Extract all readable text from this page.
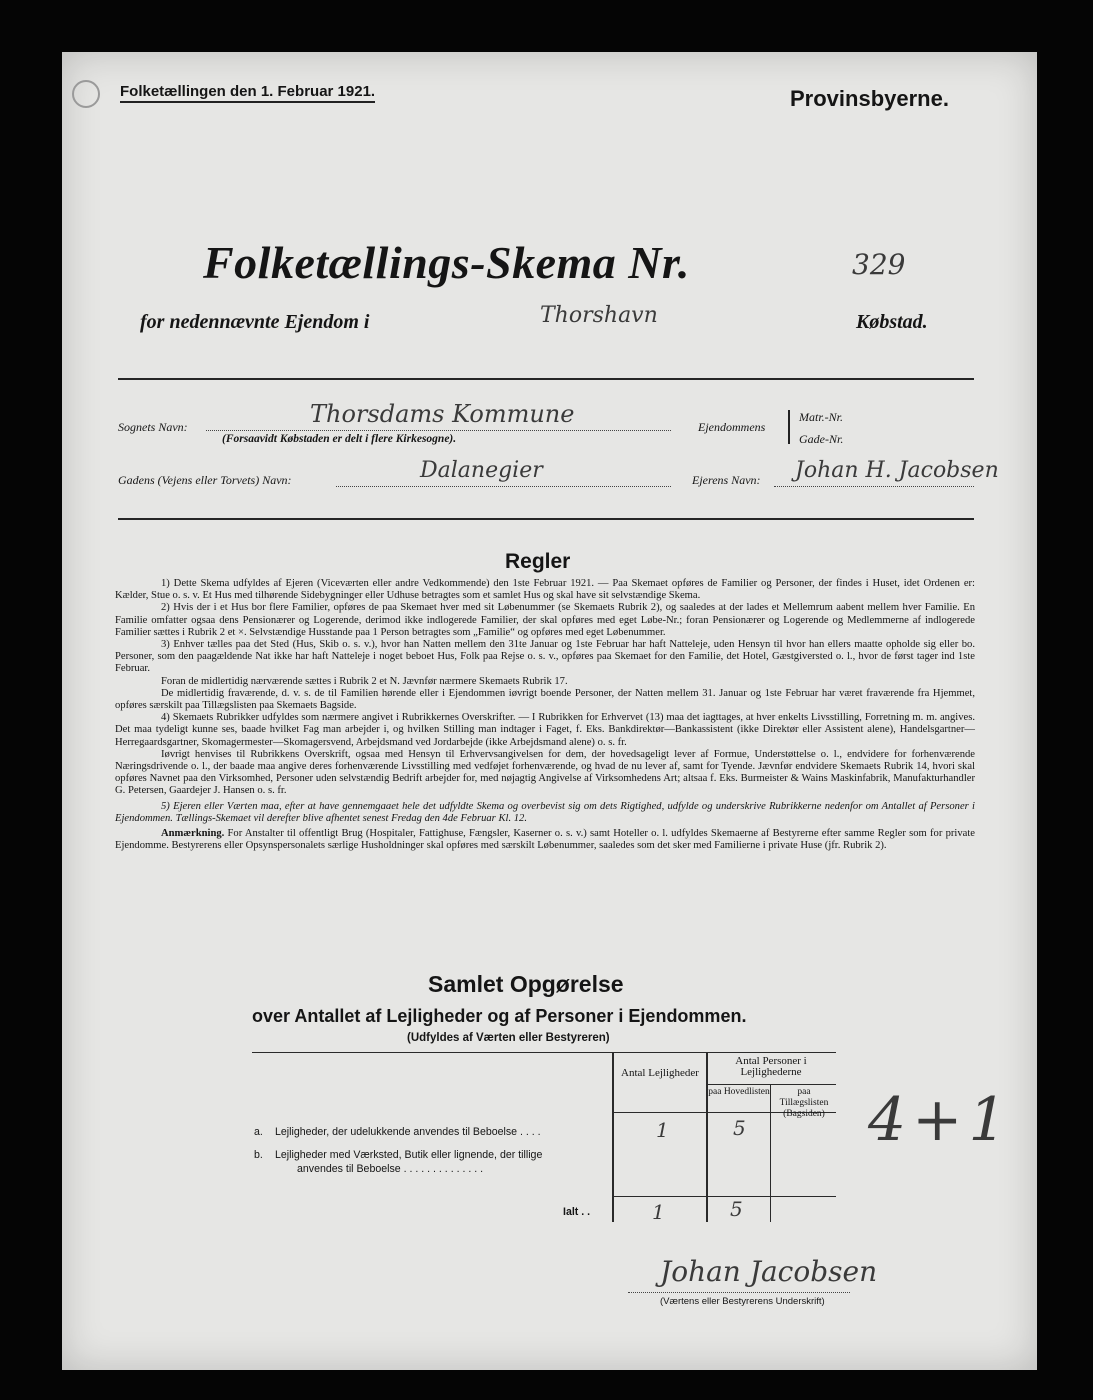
Folketællingen den 1. Februar 1921.	Provinsbyerne.
Folketællings-Skema Nr.	329
for nedennævnte Ejendom i	Thorshavn	Købstad.
Sognets Navn:	Thorsdams Kommune
(Forsaavidt Købstaden er delt i flere Kirkesogne).
Ejendommens
Matr.-Nr.
Gade-Nr.
Gadens (Vejens eller Torvets) Navn:	Dalanegier	Ejerens Navn: Johan H. Jacobsen
Regler

1) Dette Skema udfyldes af Ejeren (Viceværten eller andre Vedkommende) den 1ste Februar 1921. — Paa Skemaet opføres de Familier og Personer, der findes i Huset, idet Ordenen er: Kælder, Stue o. s. v. Et Hus med tilhørende Sidebygninger eller Udhuse betragtes som et samlet Hus og skal have sit selvstændige Skema.

2) Hvis der i et Hus bor flere Familier, opføres de paa Skemaet hver med sit Løbenummer (se Skemaets Rubrik 2), og saaledes at der lades et Mellemrum aabent mellem hver Familie. En Familie omfatter ogsaa dens Pensionærer og Logerende, derimod ikke indlogerede Familier, der skal opføres med eget Løbe-Nr.; foran Pensionærer og Logerende og Medlemmerne af indlogerede Familier sættes i Rubrik 2 et ×. Selvstændige Husstande paa 1 Person betragtes som „Familie“ og opføres med eget Løbenummer.

3) Enhver tælles paa det Sted (Hus, Skib o. s. v.), hvor han Natten mellem den 31te Januar og 1ste Februar har haft Natteleje, uden Hensyn til hvor han ellers maatte opholde sig eller bo. Personer, som den paagældende Nat ikke har haft Natteleje i noget beboet Hus, Folk paa Rejse o. s. v., opføres paa Skemaet for den Familie, det Hotel, Gæstgiversted o. l., hvor de først tager ind 1ste Februar.

Foran de midlertidig nærværende sættes i Rubrik 2 et N. Jævnfør nærmere Skemaets Rubrik 17.

De midlertidig fraværende, d. v. s. de til Familien hørende eller i Ejendommen iøvrigt boende Personer, der Natten mellem 31. Januar og 1ste Februar har været fraværende fra Hjemmet, opføres særskilt paa Tillægslisten paa Skemaets Bagside.

4) Skemaets Rubrikker udfyldes som nærmere angivet i Rubrikkernes Overskrifter. — I Rubrikken for Erhvervet (13) maa det iagttages, at hver enkelts Livsstilling, Forretning m. m. angives. Det maa tydeligt kunne ses, baade hvilket Fag man arbejder i, og hvilken Stilling man indtager i Faget, f. Eks. Bankdirektør—Bankassistent (ikke Direktør eller Assistent alene), Handelsgartner—Herregaardsgartner, Skomagermester—Skomagersvend, Arbejdsmand ved Jordarbejde (ikke Arbejdsmand alene) o. s. fr.

Iøvrigt henvises til Rubrikkens Overskrift, ogsaa med Hensyn til Erhvervsangivelsen for dem, der hovedsageligt lever af Formue, Understøttelse o. l., endvidere for forhenværende Næringsdrivende o. l., der baade maa angive deres forhenværende Livsstilling med vedføjet forhenværende, og hvad de nu lever af, samt for Tyende. Jævnfør endvidere Skemaets Rubrik 14, hvori skal opføres Navnet paa den Virksomhed, Personer uden selvstændig Bedrift arbejder for, med nøjagtig Angivelse af Virksomhedens Art; altsaa f. Eks. Burmeister & Wains Maskinfabrik, Manufakturhandler G. Petersen, Gaardejer J. Hansen o. s. fr.

5) Ejeren eller Værten maa, efter at have gennemgaaet hele det udfyldte Skema og overbevist sig om dets Rigtighed, udfylde og underskrive Rubrikkerne nedenfor om Antallet af Personer i Ejendommen. Tællings-Skemaet vil derefter blive afhentet senest Fredag den 4de Februar Kl. 12.

Anmærkning. For Anstalter til offentligt Brug (Hospitaler, Fattighuse, Fængsler, Kaserner o. s. v.) samt Hoteller o. l. udfyldes Skemaerne af Bestyrerne efter samme Regler som for private Ejendomme. Bestyrerens eller Opsynspersonalets særlige Husholdninger skal opføres med særskilt Løbenummer, saaledes som det sker med Familierne i private Huse (jfr. Rubrik 2).

Samlet Opgørelse
over Antallet af Lejligheder og af Personer i Ejendommen.
(Udfyldes af Værten eller Bestyreren)
Antal Lejligheder
Antal Personer i Lejlighederne
paa Hovedlisten	paa Tillægslisten (Bagsiden)
a. Lejligheder, der udelukkende anvendes til Beboelse . . . .	1	5
b. Lejligheder med Værksted, Butik eller lignende, der tillige
anvendes til Beboelse . . . . . . . . . . . . . .
Ialt . .	1	5
4+1
Johan Jacobsen
(Værtens eller Bestyrerens Underskrift)
